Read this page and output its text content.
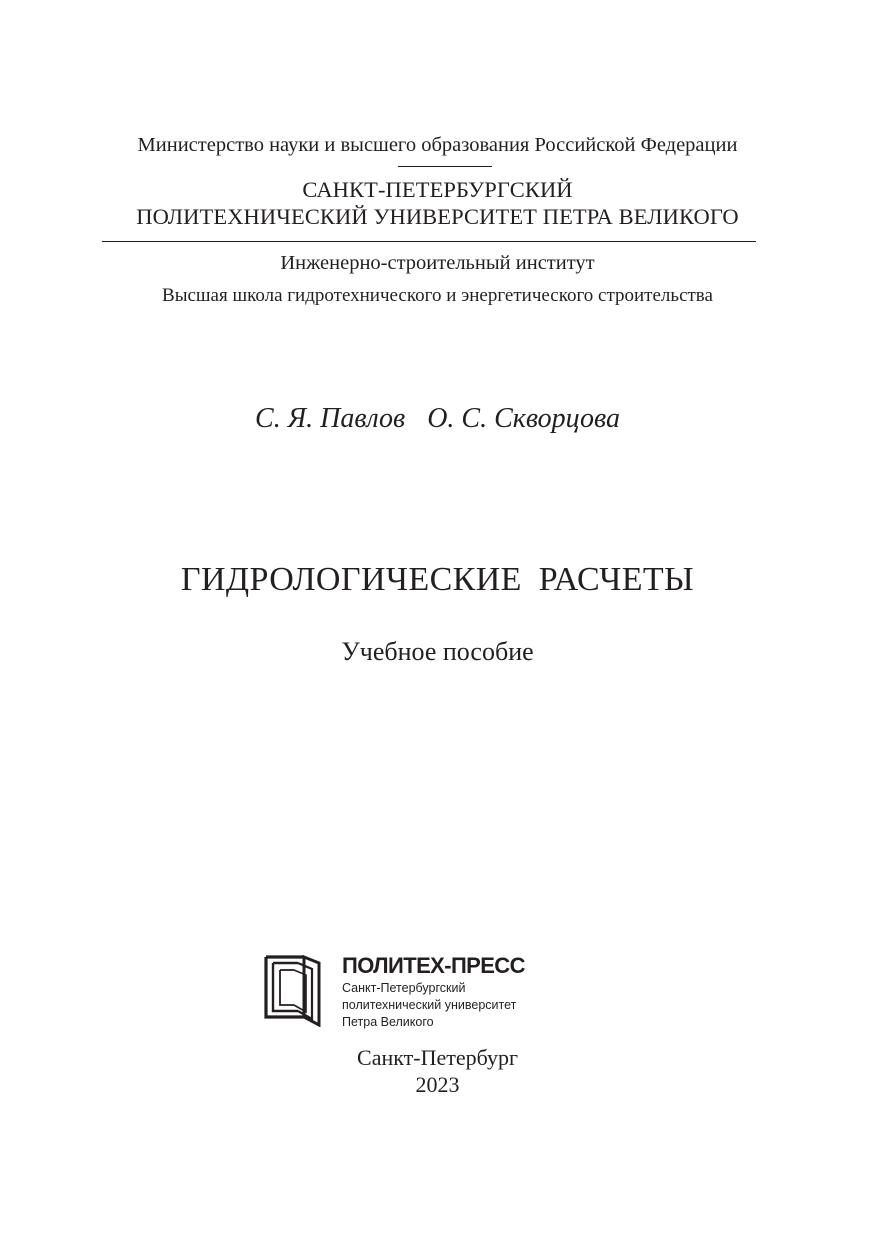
Министерство науки и высшего образования Российской Федерации
САНКТ-ПЕТЕРБУРГСКИЙ
ПОЛИТЕХНИЧЕСКИЙ УНИВЕРСИТЕТ ПЕТРА ВЕЛИКОГО
Инженерно-строительный институт
Высшая школа гидротехнического и энергетического строительства
С. Я. Павлов О. С. Скворцова
ГИДРОЛОГИЧЕСКИЕ РАСЧЕТЫ
Учебное пособие
ПОЛИТЕХ-ПРЕСС
Санкт-Петербургский
политехнический университет
Петра Великого
Санкт-Петербург
2023
